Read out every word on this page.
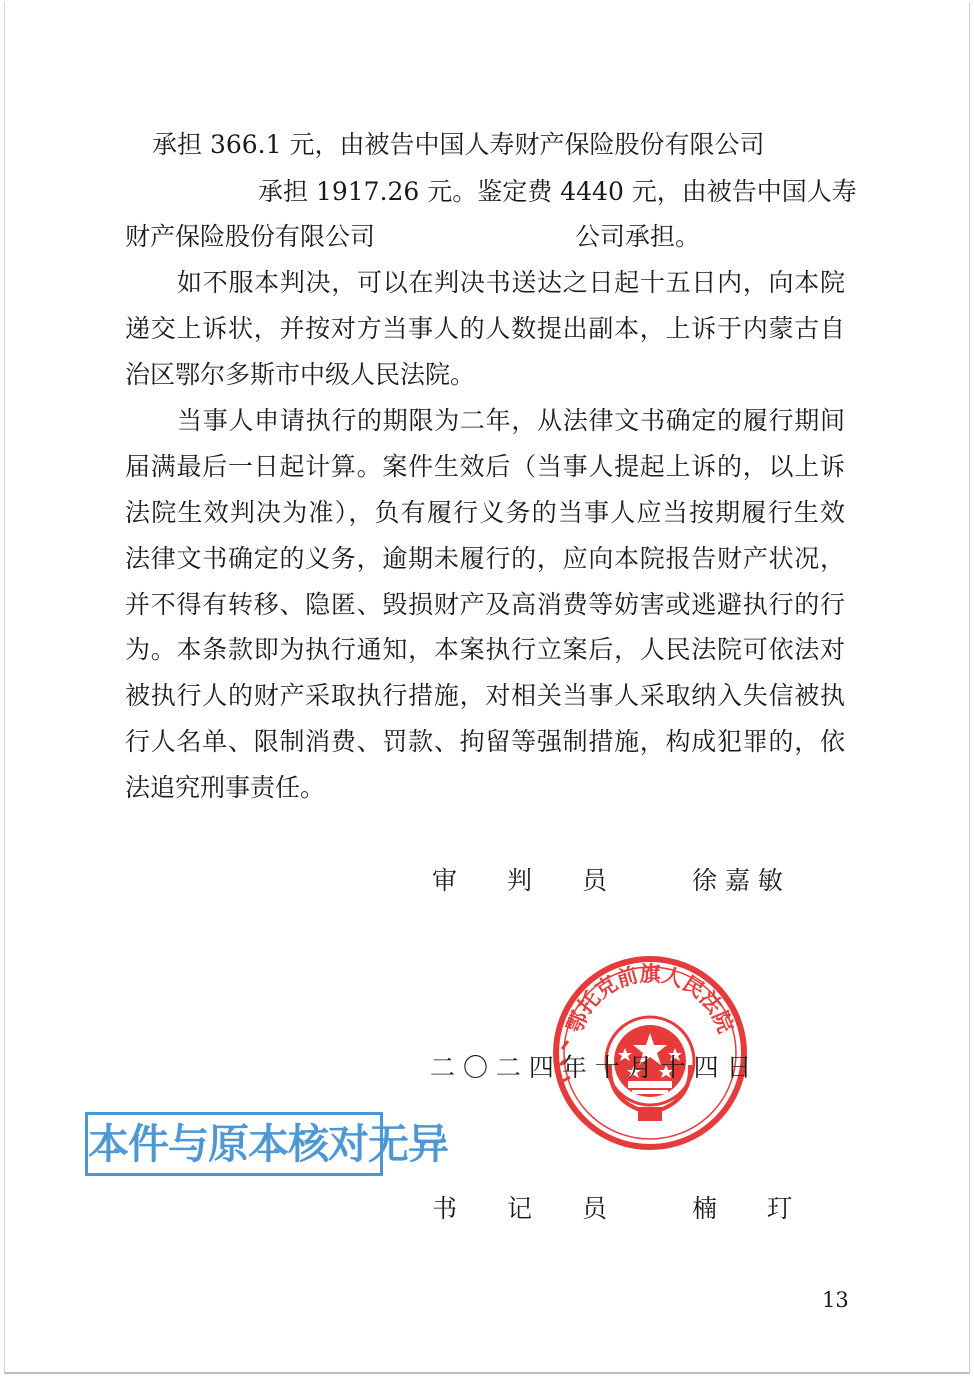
承担 366.1 元，由被告中国人寿财产保险股份有限公司
承担 1917.26 元。鉴定费 4440 元，由被告中国人寿
财产保险股份有限公司　　　　　　　　公司承担。
如不服本判决，可以在判决书送达之日起十五日内，向本院
递交上诉状，并按对方当事人的人数提出副本，上诉于内蒙古自
治区鄂尔多斯市中级人民法院。
当事人申请执行的期限为二年，从法律文书确定的履行期间
届满最后一日起计算。案件生效后（当事人提起上诉的，以上诉
法院生效判决为准），负有履行义务的当事人应当按期履行生效
法律文书确定的义务，逾期未履行的，应向本院报告财产状况，
并不得有转移、隐匿、毁损财产及高消费等妨害或逃避执行的行
为。本条款即为执行通知，本案执行立案后，人民法院可依法对
被执行人的财产采取执行措施，对相关当事人采取纳入失信被执
行人名单、限制消费、罚款、拘留等强制措施，构成犯罪的，依
法追究刑事责任。
审　　判　　员	徐 嘉 敏
鄂托克前旗人民法院
二 〇 二 四 年 十 月 十 四 日
本件与原本核对无异
书　　记　　员	楠　　玎
13
